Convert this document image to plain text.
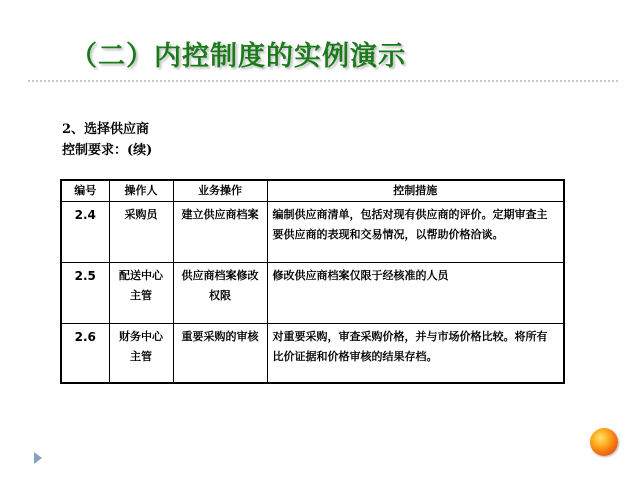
（二）内控制度的实例演示
2、选择供应商
控制要求：(续)
编号	操作人	业务操作	控制措施
2.4	采购员	建立供应商档案	编制供应商清单，包括对现有供应商的评价。定期审查主要供应商的表现和交易情况，以帮助价格洽谈。
2.5	配送中心主管	供应商档案修改权限	修改供应商档案仅限于经核准的人员
2.6	财务中心主管	重要采购的审核	对重要采购，审查采购价格，并与市场价格比较。将所有比价证据和价格审核的结果存档。
